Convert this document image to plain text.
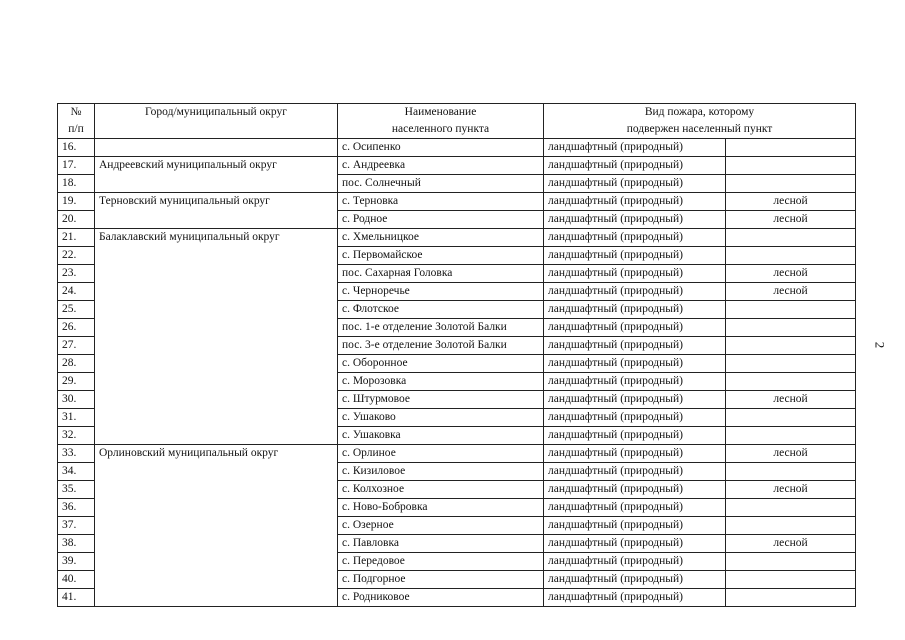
№	Город/муниципальный округ	Наименование	Вид пожара, которому	
п/п		населенного пункта	подвержен населенный пункт	
16.		с. Осипенко	ландшафтный (природный)	
17.	Андреевский муниципальный округ	с. Андреевка	ландшафтный (природный)	
18.		пос. Солнечный	ландшафтный (природный)	
19.	Терновский муниципальный округ	с. Терновка	ландшафтный (природный)	лесной
20.		с. Родное	ландшафтный (природный)	лесной
21.	Балаклавский муниципальный округ	с. Хмельницкое	ландшафтный (природный)	
22.		с. Первомайское	ландшафтный (природный)	
23.		пос. Сахарная Головка	ландшафтный (природный)	лесной
24.		с. Черноречье	ландшафтный (природный)	лесной
25.		с. Флотское	ландшафтный (природный)	
26.		пос. 1-е отделение Золотой Балки	ландшафтный (природный)	
27.		пос. 3-е отделение Золотой Балки	ландшафтный (природный)	
28.		с. Оборонное	ландшафтный (природный)	
29.		с. Морозовка	ландшафтный (природный)	
30.		с. Штурмовое	ландшафтный (природный)	лесной
31.		с. Ушаково	ландшафтный (природный)	
32.		с. Ушаковка	ландшафтный (природный)	
33.	Орлиновский муниципальный округ	с. Орлиное	ландшафтный (природный)	лесной
34.		с. Кизиловое	ландшафтный (природный)	
35.		с. Колхозное	ландшафтный (природный)	лесной
36.		с. Ново-Бобровка	ландшафтный (природный)	
37.		с. Озерное	ландшафтный (природный)	
38.		с. Павловка	ландшафтный (природный)	лесной
39.		с. Передовое	ландшафтный (природный)	
40.		с. Подгорное	ландшафтный (природный)	
41.		с. Родниковое	ландшафтный (природный)	
2
